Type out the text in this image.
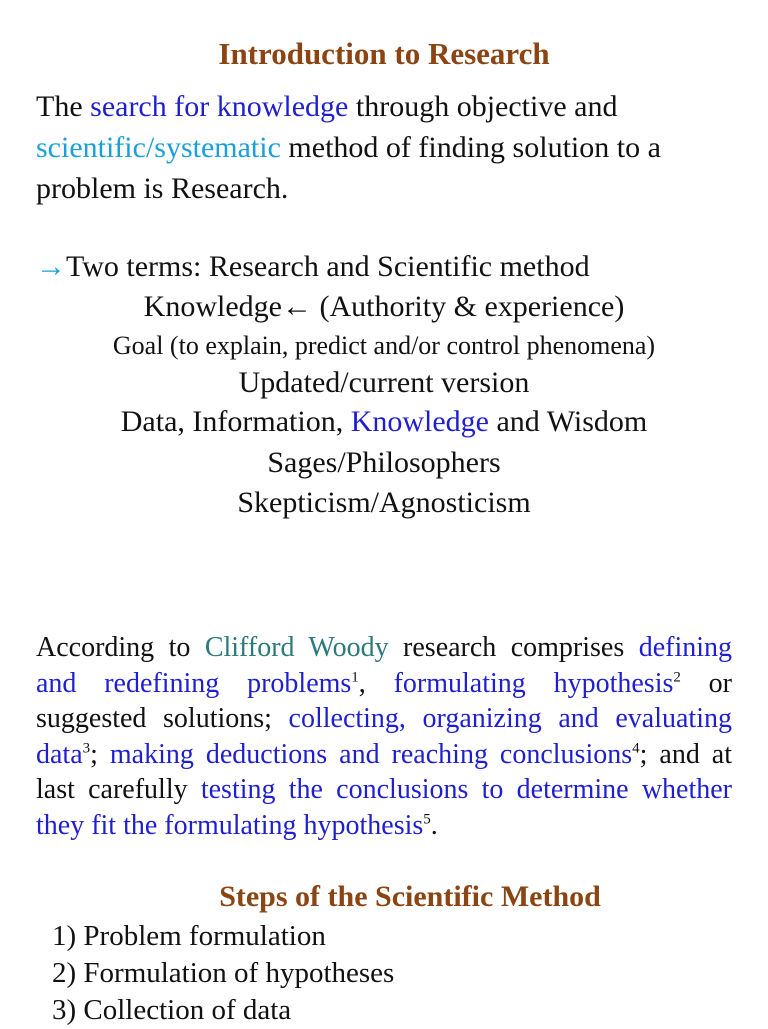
Introduction to Research

The search for knowledge through objective and scientific/systematic method of finding solution to a problem is Research.

→Two terms: Research and Scientific method

Knowledge← (Authority & experience)

Goal (to explain, predict and/or control phenomena)

Updated/current version

Data, Information, Knowledge and Wisdom

Sages/Philosophers

Skepticism/Agnosticism

According to Clifford Woody research comprises defining and redefining problems$^1$, formulating hypothesis$^2$ or suggested solutions; collecting, organizing and evaluating data$^3$; making deductions and reaching conclusions$^4$; and at last carefully testing the conclusions to determine whether they fit the formulating hypothesis$^5$.

Steps of the Scientific Method
1) Problem formulation
2) Formulation of hypotheses
3) Collection of data
